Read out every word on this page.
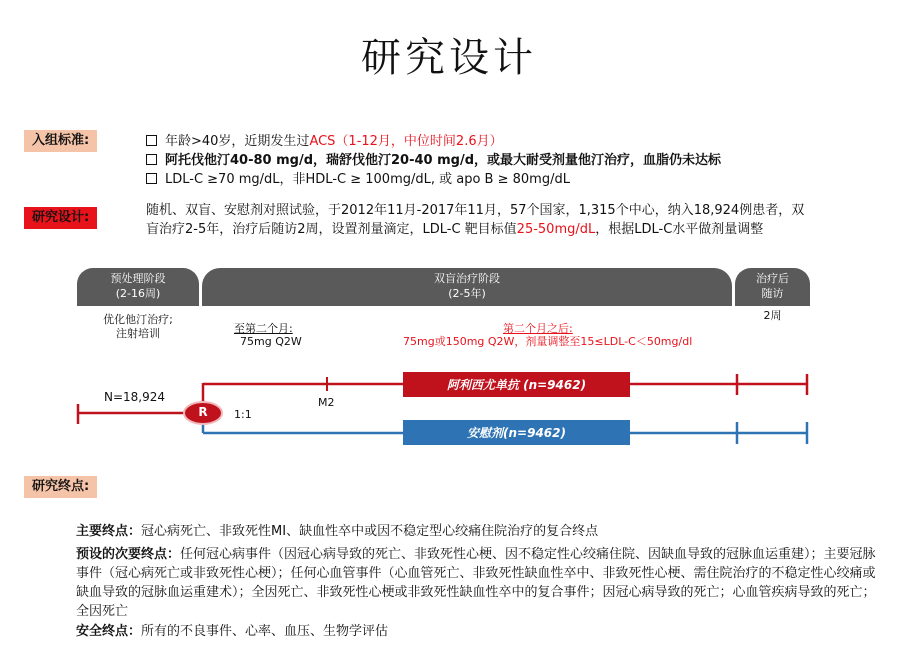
研究设计
入组标准:	年龄>40岁，近期发生过ACS（1-12月，中位时间2.6月）
阿托伐他汀40-80 mg/d，瑞舒伐他汀20-40 mg/d，或最大耐受剂量他汀治疗，血脂仍未达标
LDL-C ≥70 mg/dL，非HDL-C ≥ 100mg/dL, 或 apo B ≥ 80mg/dL
研究设计:	随机、双盲、安慰剂对照试验，于2012年11月-2017年11月，57个国家，1,315个中心，纳入18,924例患者，双盲治疗2-5年，治疗后随访2周，设置剂量滴定，LDL-C 靶目标值25-50mg/dL，根据LDL-C水平做剂量调整
预处理阶段
(2-16周)
双盲治疗阶段
(2-5年)
治疗后
随访
优化他汀治疗;
注射培训
2周
至第二个月:
75mg Q2W
第二个月之后:
75mg或150mg Q2W，剂量调整至15≤LDL-C＜50mg/dl
N=18,924
R	1:1
M2
阿利西尤单抗 (n=9462)
安慰剂(n=9462)
研究终点:
主要终点：冠心病死亡、非致死性MI、缺血性卒中或因不稳定型心绞痛住院治疗的复合终点
预设的次要终点：任何冠心病事件（因冠心病导致的死亡、非致死性心梗、因不稳定性心绞痛住院、因缺血导致的冠脉血运重建）；主要冠脉事件（冠心病死亡或非致死性心梗）；任何心血管事件（心血管死亡、非致死性缺血性卒中、非致死性心梗、需住院治疗的不稳定性心绞痛或缺血导致的冠脉血运重建术）；全因死亡、非致死性心梗或非致死性缺血性卒中的复合事件；因冠心病导致的死亡；心血管疾病导致的死亡；全因死亡
安全终点：所有的不良事件、心率、血压、生物学评估
